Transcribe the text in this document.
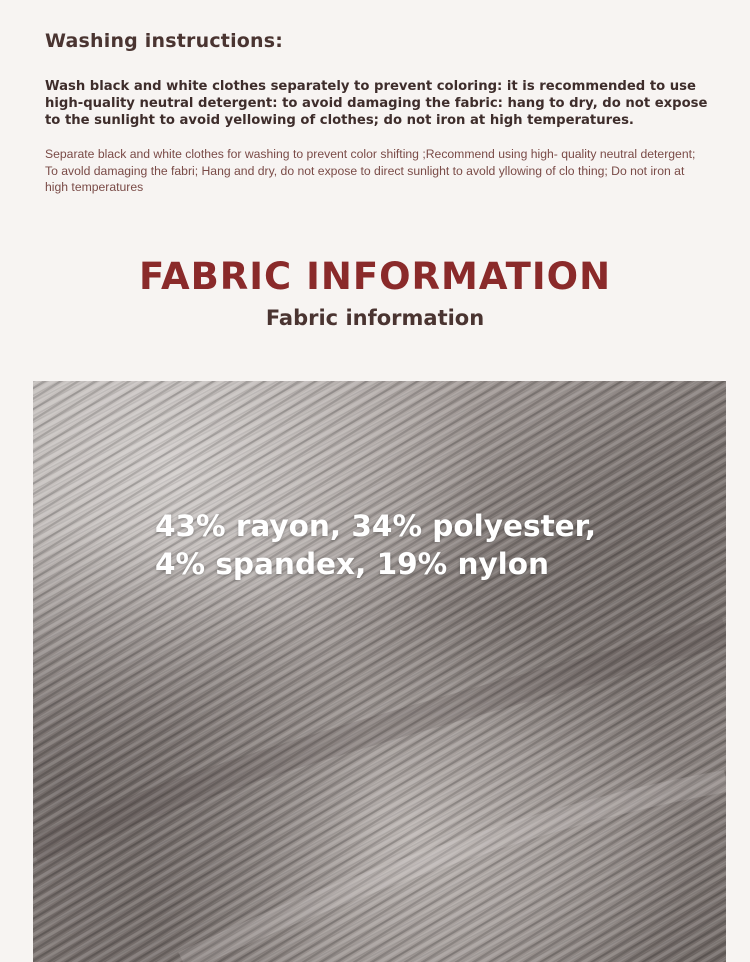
Washing instructions:

Wash black and white clothes separately to prevent coloring: it is recommended to use high-quality neutral detergent: to avoid damaging the fabric: hang to dry, do not expose to the sunlight to avoid yellowing of clothes; do not iron at high temperatures.

Separate black and white clothes for washing to prevent color shifting ;Recommend using high- quality neutral detergent; To avold damaging the fabri; Hang and dry, do not expose to direct sunlight to avold yllowing of clo thing; Do not iron at high temperatures

FABRIC INFORMATION
Fabric information

43% rayon, 34% polyester,
4% spandex, 19% nylon
